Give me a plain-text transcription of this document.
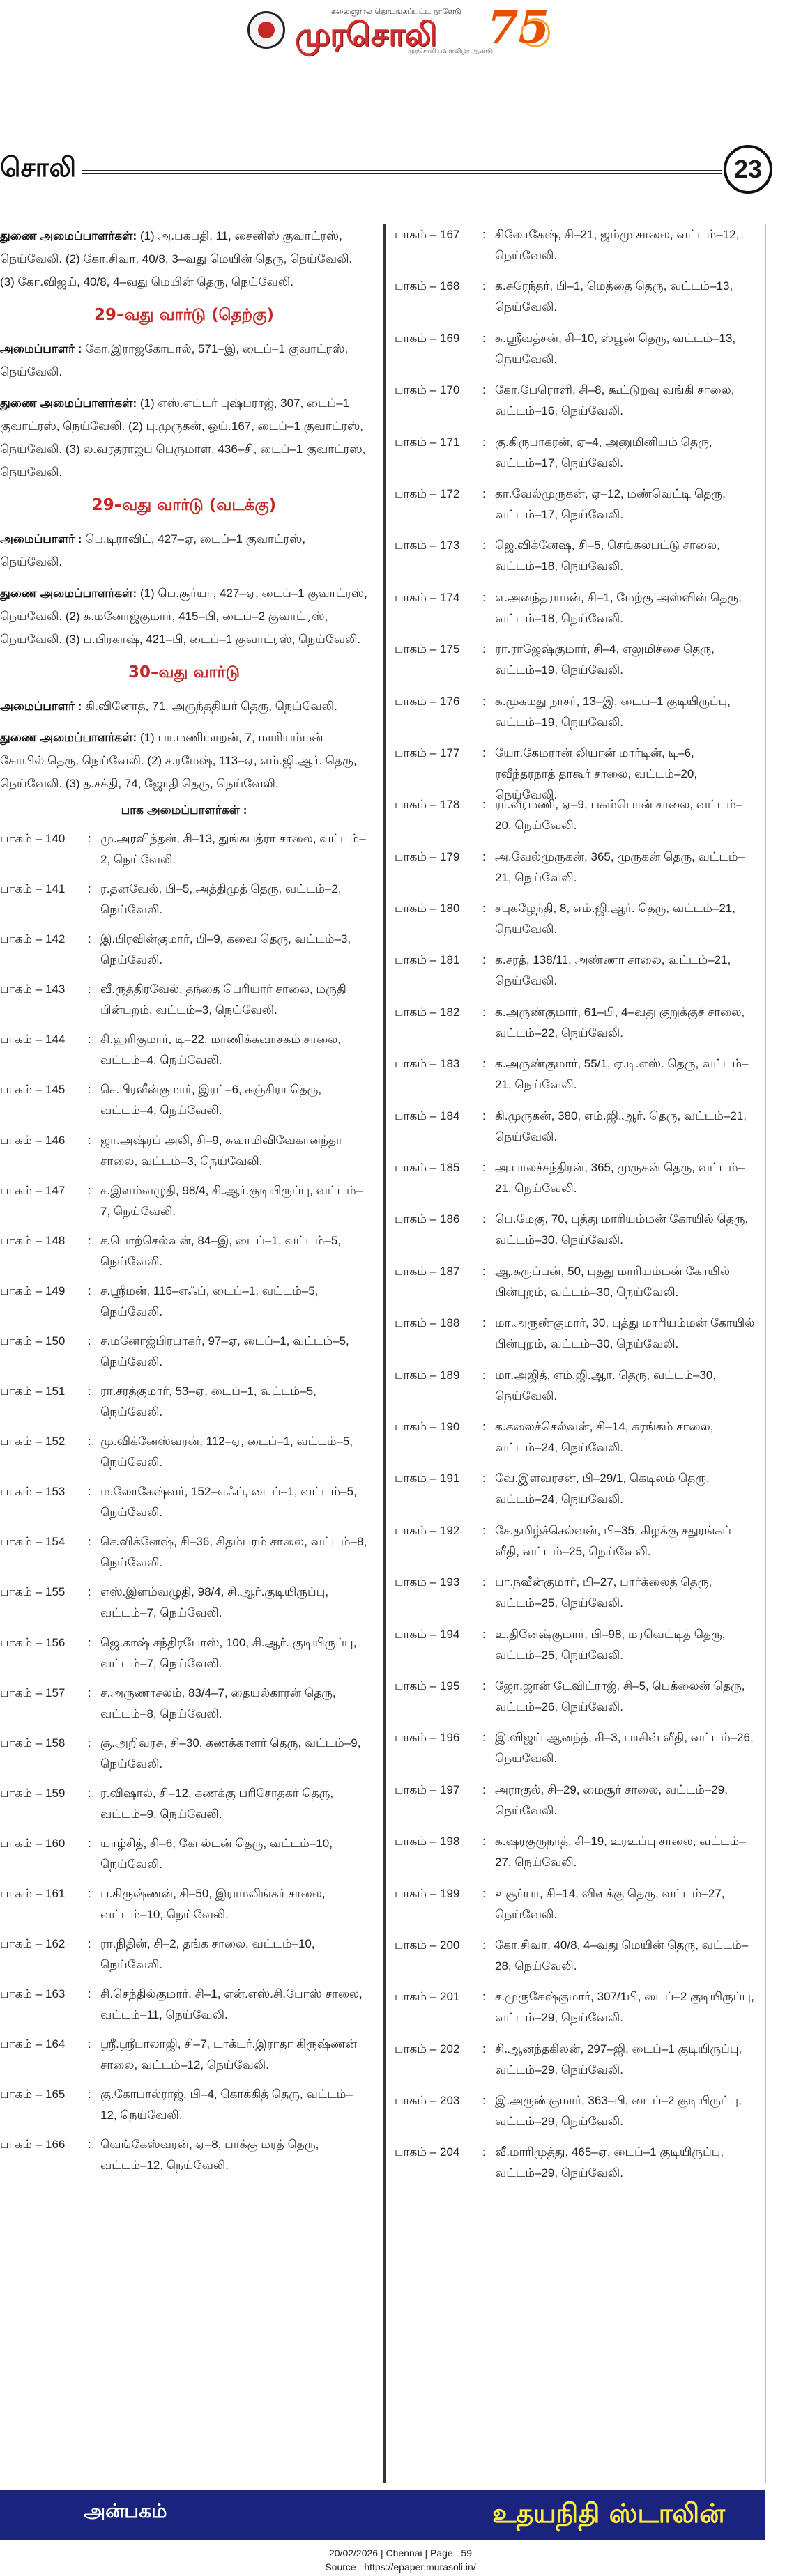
கலைஞரால் தொடங்கப்பட்ட நாளேடு
முரசொலி
முரசொலி பவளவிழா ஆண்டு
75
சொலி	23

துணை அமைப்பாளர்கள்: (1) அ.பகபதி, 11, சைனிஸ் குவாட்ரஸ், நெய்வேலி. (2) கோ.சிவா, 40/8, 3–வது மெயின் தெரு, நெய்வேலி. (3) கோ.விஜய், 40/8, 4–வது மெயின் தெரு, நெய்வேலி.

29–வது வார்டு (தெற்கு)

அமைப்பாளர் : கோ.இராஜகோபால், 571–இ, டைப்–1 குவாட்ரஸ், நெய்வேலி.

துணை அமைப்பாளர்கள்: (1) எஸ்.எட்டர் புஷ்பராஜ், 307, டைப்–1 குவாட்ரஸ், நெய்வேலி. (2) பு.முருகன், ஓய்.167, டைப்–1 குவாட்ரஸ், நெய்வேலி. (3) ல.வரதராஜப் பெருமாள், 436–சி, டைப்–1 குவாட்ரஸ், நெய்வேலி.

29–வது வார்டு (வடக்கு)

அமைப்பாளர் : பெ.டிராவிட், 427–ஏ, டைப்–1 குவாட்ரஸ், நெய்வேலி.

துணை அமைப்பாளர்கள்: (1) பெ.சூர்யா, 427–ஏ, டைப்–1 குவாட்ரஸ், நெய்வேலி. (2) க.மனோஜ்குமார், 415–பி, டைப்–2 குவாட்ரஸ், நெய்வேலி. (3) ப.பிரகாஷ், 421–பி, டைப்–1 குவாட்ரஸ், நெய்வேலி.

30–வது வார்டு

அமைப்பாளர் : கி.வினோத், 71, அருந்ததியர் தெரு, நெய்வேலி.

துணை அமைப்பாளர்கள்: (1) பா.மணிமாறன், 7, மாரியம்மன் கோயில் தெரு, நெய்வேலி. (2) ச.ரமேஷ், 113–ஏ, எம்.ஜி.ஆர். தெரு, நெய்வேலி. (3) த.சக்தி, 74, ஜோதி தெரு, நெய்வேலி.

பாக அமைப்பாளர்கள் :

பாகம் – 140	: மு.அரவிந்தன், சி–13, துங்கபத்ரா சாலை, வட்டம்–2, நெய்வேலி.
பாகம் – 141	: ர.தனவேல், பி–5, அத்திமுத் தெரு, வட்டம்–2, நெய்வேலி.
பாகம் – 142	: இ.பிரவின்குமார், பி–9, கவை தெரு, வட்டம்–3, நெய்வேலி.
பாகம் – 143	: வீ.ருத்திரவேல், தந்தை பெரியார் சாலை, மருதி பின்புறம், வட்டம்–3, நெய்வேலி.
பாகம் – 144	: சி.ஹரிகுமார், டி–22, மாணிக்கவாசகம் சாலை, வட்டம்–4, நெய்வேலி.
பாகம் – 145	: செ.பிரவீன்குமார், இரட்–6, கஞ்சிரா தெரு, வட்டம்–4, நெய்வேலி.
பாகம் – 146	: ஜா.அஷ்ரப் அலி, சி–9, சுவாமிவிவேகானந்தா சாலை, வட்டம்–3, நெய்வேலி.
பாகம் – 147	: ச.இளம்வழுதி, 98/4, சி.ஆர்.குடியிருப்பு, வட்டம்–7, நெய்வேலி.
பாகம் – 148	: ச.பொற்செல்வன், 84–இ, டைப்–1, வட்டம்–5, நெய்வேலி.
பாகம் – 149	: ச.ஸ்ரீமன், 116–எஃப், டைப்–1, வட்டம்–5, நெய்வேலி.
பாகம் – 150	: ச.மனோஜ்பிரபாகர், 97–ஏ, டைப்–1, வட்டம்–5, நெய்வேலி.
பாகம் – 151	: ரா.சரத்குமார், 53–ஏ, டைப்–1, வட்டம்–5, நெய்வேலி.
பாகம் – 152	: மு.விக்னேஸ்வரன், 112–ஏ, டைப்–1, வட்டம்–5, நெய்வேலி.
பாகம் – 153	: ம.லோகேஷ்வர், 152–எஃப், டைப்–1, வட்டம்–5, நெய்வேலி.
பாகம் – 154	: செ.விக்னேஷ், சி–36, சிதம்பரம் சாலை, வட்டம்–8, நெய்வேலி.
பாகம் – 155	: எஸ்.இளம்வழுதி, 98/4, சி.ஆர்.குடியிருப்பு, வட்டம்–7, நெய்வேலி.
பாகம் – 156	: ஜெ.காஷ் சந்திரபோஸ், 100, சி.ஆர். குடியிருப்பு, வட்டம்–7, நெய்வேலி.
பாகம் – 157	: ச.அருணாசலம், 83/4–7, தையல்காரன் தெரு, வட்டம்–8, நெய்வேலி.
பாகம் – 158	: சூ.அறிவரசு, சி–30, கணக்காளர் தெரு, வட்டம்–9, நெய்வேலி.
பாகம் – 159	: ர.விஷால், சி–12, கணக்கு பரிசோதகர் தெரு, வட்டம்–9, நெய்வேலி.
பாகம் – 160	: யாழ்சித், சி–6, கோல்டன் தெரு, வட்டம்–10, நெய்வேலி.
பாகம் – 161	: ப.கிருஷ்ணன், சி–50, இராமலிங்கர் சாலை, வட்டம்–10, நெய்வேலி.
பாகம் – 162	: ரா.நிதின், சி–2, தங்க சாலை, வட்டம்–10, நெய்வேலி.
பாகம் – 163	: சி.செந்தில்குமார், சி–1, என்.எஸ்.சி.போஸ் சாலை, வட்டம்–11, நெய்வேலி.
பாகம் – 164	: ஸ்ரீ.ஸ்ரீபாலாஜி, சி–7, டாக்டர்.இராதா கிருஷ்ணன் சாலை, வட்டம்–12, நெய்வேலி.
பாகம் – 165	: கு.கோபால்ராஜ், பி–4, கொக்கித் தெரு, வட்டம்–12, நெய்வேலி.
பாகம் – 166	: வெங்கேஸ்வரன், ஏ–8, பாக்கு மரத் தெரு, வட்டம்–12, நெய்வேலி.
பாகம் – 167	: சிலோகேஷ், சி–21, ஜம்மு சாலை, வட்டம்–12, நெய்வேலி.
பாகம் – 168	: க.சுரேந்தர், பி–1, மெத்தை தெரு, வட்டம்–13, நெய்வேலி.
பாகம் – 169	: சு.ஸ்ரீவத்சன், சி–10, ஸ்பூன் தெரு, வட்டம்–13, நெய்வேலி.
பாகம் – 170	: கோ.பேரொளி, சி–8, கூட்டுறவு வங்கி சாலை, வட்டம்–16, நெய்வேலி.
பாகம் – 171	: கு.கிருபாகரன், ஏ–4, அனுமினியம் தெரு, வட்டம்–17, நெய்வேலி.
பாகம் – 172	: கா.வேல்முருகன், ஏ–12, மண்வெட்டி தெரு, வட்டம்–17, நெய்வேலி.
பாகம் – 173	: ஜெ.விக்னேஷ், சி–5, செங்கல்பட்டு சாலை, வட்டம்–18, நெய்வேலி.
பாகம் – 174	: எ.அனந்தராமன், சி–1, மேற்கு அஸ்வின் தெரு, வட்டம்–18, நெய்வேலி.
பாகம் – 175	: ரா.ராஜேஷ்குமார், சி–4, எலுமிச்சை தெரு, வட்டம்–19, நெய்வேலி.
பாகம் – 176	: க.முகமது நாசர், 13–இ, டைப்–1 குடியிருப்பு, வட்டம்–19, நெய்வேலி.
பாகம் – 177	: யோ.கேமரான் லியான் மார்டின், டி–6, ரவீந்தரநாத் தாகூர் சாலை, வட்டம்–20, நெய்வேலி.
பாகம் – 178	: ரா.வீரமணி, ஏ–9, பசும்பொன் சாலை, வட்டம்–20, நெய்வேலி.
பாகம் – 179	: அ.வேல்முருகன், 365, முருகன் தெரு, வட்டம்–21, நெய்வேலி.
பாகம் – 180	: சபுகழேந்தி, 8, எம்.ஜி.ஆர். தெரு, வட்டம்–21, நெய்வேலி.
பாகம் – 181	: க.சரத், 138/11, அண்ணா சாலை, வட்டம்–21, நெய்வேலி.
பாகம் – 182	: க.அருண்குமார், 61–பி, 4–வது குறுக்குச் சாலை, வட்டம்–22, நெய்வேலி.
பாகம் – 183	: க.அருண்குமார், 55/1, ஏ.டி.எஸ். தெரு, வட்டம்–21, நெய்வேலி.
பாகம் – 184	: கி.முருகன், 380, எம்.ஜி.ஆர். தெரு, வட்டம்–21, நெய்வேலி.
பாகம் – 185	: அ.பாலச்சந்திரன், 365, முருகன் தெரு, வட்டம்–21, நெய்வேலி.
பாகம் – 186	: பெ.மேகு, 70, புத்து மாரியம்மன் கோயில் தெரு, வட்டம்–30, நெய்வேலி.
பாகம் – 187	: ஆ.கருப்பன், 50, புத்து மாரியம்மன் கோயில் பின்புறம், வட்டம்–30, நெய்வேலி.
பாகம் – 188	: மா.அருண்குமார், 30, புத்து மாரியம்மன் கோயில் பின்புறம், வட்டம்–30, நெய்வேலி.
பாகம் – 189	: மா.அஜித், எம்.ஜி.ஆர். தெரு, வட்டம்–30, நெய்வேலி.
பாகம் – 190	: க.கலைச்செல்வன், சி–14, சுரங்கம் சாலை, வட்டம்–24, நெய்வேலி.
பாகம் – 191	: வே.இளவரசன், பி–29/1, கெடிலம் தெரு, வட்டம்–24, நெய்வேலி.
பாகம் – 192	: சே.தமிழ்ச்செல்வன், பி–35, கிழக்கு சதுரங்கப் வீதி, வட்டம்–25, நெய்வேலி.
பாகம் – 193	: பா.நவீன்குமார், பி–27, பார்க்லைத் தெரு, வட்டம்–25, நெய்வேலி.
பாகம் – 194	: உ.தினேஷ்குமார், பி–98, மரவெட்டித் தெரு, வட்டம்–25, நெய்வேலி.
பாகம் – 195	: ஜோ.ஜான் டேவிட்ராஜ், சி–5, பெக்லைன் தெரு, வட்டம்–26, நெய்வேலி.
பாகம் – 196	: இ.விஜய் ஆனந்த், சி–3, பாசிவ் வீதி, வட்டம்–26, நெய்வேலி.
பாகம் – 197	: அராகுல், சி–29, மைசூர் சாலை, வட்டம்–29, நெய்வேலி.
பாகம் – 198	: க.ஷரகுருநாத், சி–19, உரஉப்பு சாலை, வட்டம்–27, நெய்வேலி.
பாகம் – 199	: உசூர்யா, சி–14, விளக்கு தெரு, வட்டம்–27, நெய்வேலி.
பாகம் – 200	: கோ.சிவா, 40/8, 4–வது மெயின் தெரு, வட்டம்–28, நெய்வேலி.
பாகம் – 201	: ச.முருகேஷ்குமார், 307/1பி, டைப்–2 குடியிருப்பு, வட்டம்–29, நெய்வேலி.
பாகம் – 202	: சி.ஆனந்தகிலன், 297–ஜி, டைப்–1 குடியிருப்பு, வட்டம்–29, நெய்வேலி.
பாகம் – 203	: இ.அருண்குமார், 363–பி, டைப்–2 குடியிருப்பு, வட்டம்–29, நெய்வேலி.
பாகம் – 204	: வீ.மாரிமுத்து, 465–ஏ, டைப்–1 குடியிருப்பு, வட்டம்–29, நெய்வேலி.
அன்பகம்	உதயநிதி ஸ்டாலின்
20/02/2026 | Chennai | Page : 59
Source : https://epaper.murasoli.in/
